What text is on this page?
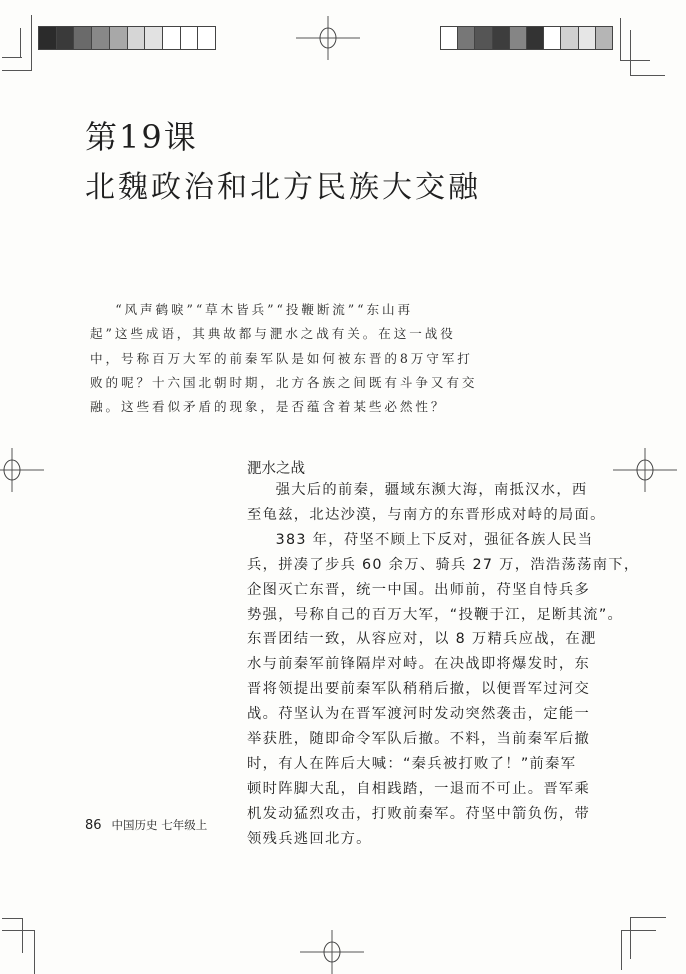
第19课
北魏政治和北方民族大交融
“风声鹤唳”“草木皆兵”“投鞭断流”“东山再
起”这些成语，其典故都与淝水之战有关。在这一战役
中，号称百万大军的前秦军队是如何被东晋的8万守军打
败的呢？十六国北朝时期，北方各族之间既有斗争又有交
融。这些看似矛盾的现象，是否蕴含着某些必然性？
淝水之战
强大后的前秦，疆域东濒大海，南抵汉水，西
至龟兹，北达沙漠，与南方的东晋形成对峙的局面。
383 年，苻坚不顾上下反对，强征各族人民当
兵，拼凑了步兵 60 余万、骑兵 27 万，浩浩荡荡南下，
企图灭亡东晋，统一中国。出师前，苻坚自恃兵多
势强，号称自己的百万大军，“投鞭于江，足断其流”。
东晋团结一致，从容应对，以 8 万精兵应战，在淝
水与前秦军前锋隔岸对峙。在决战即将爆发时，东
晋将领提出要前秦军队稍稍后撤，以便晋军过河交
战。苻坚认为在晋军渡河时发动突然袭击，定能一
举获胜，随即命令军队后撤。不料，当前秦军后撤
时，有人在阵后大喊：“秦兵被打败了！”前秦军
顿时阵脚大乱，自相践踏，一退而不可止。晋军乘
机发动猛烈攻击，打败前秦军。苻坚中箭负伤，带
领残兵逃回北方。
86 中国历史 七年级上
